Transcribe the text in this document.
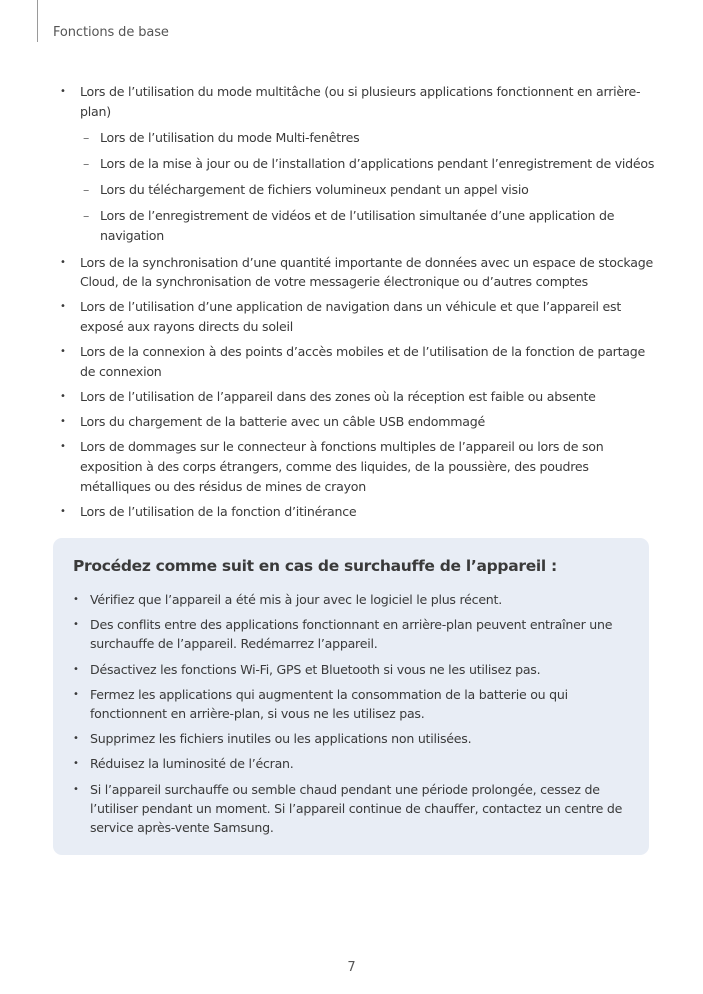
Fonctions de base
• Lors de l’utilisation du mode multitâche (ou si plusieurs applications fonctionnent en arrière-plan)
– Lors de l’utilisation du mode Multi-fenêtres
– Lors de la mise à jour ou de l’installation d’applications pendant l’enregistrement de vidéos
– Lors du téléchargement de fichiers volumineux pendant un appel visio
– Lors de l’enregistrement de vidéos et de l’utilisation simultanée d’une application de navigation
• Lors de la synchronisation d’une quantité importante de données avec un espace de stockage Cloud, de la synchronisation de votre messagerie électronique ou d’autres comptes
• Lors de l’utilisation d’une application de navigation dans un véhicule et que l’appareil est exposé aux rayons directs du soleil
• Lors de la connexion à des points d’accès mobiles et de l’utilisation de la fonction de partage de connexion
• Lors de l’utilisation de l’appareil dans des zones où la réception est faible ou absente
• Lors du chargement de la batterie avec un câble USB endommagé
• Lors de dommages sur le connecteur à fonctions multiples de l’appareil ou lors de son exposition à des corps étrangers, comme des liquides, de la poussière, des poudres métalliques ou des résidus de mines de crayon
• Lors de l’utilisation de la fonction d’itinérance
Procédez comme suit en cas de surchauffe de l’appareil :
• Vérifiez que l’appareil a été mis à jour avec le logiciel le plus récent.
• Des conflits entre des applications fonctionnant en arrière-plan peuvent entraîner une surchauffe de l’appareil. Redémarrez l’appareil.
• Désactivez les fonctions Wi-Fi, GPS et Bluetooth si vous ne les utilisez pas.
• Fermez les applications qui augmentent la consommation de la batterie ou qui fonctionnent en arrière-plan, si vous ne les utilisez pas.
• Supprimez les fichiers inutiles ou les applications non utilisées.
• Réduisez la luminosité de l’écran.
• Si l’appareil surchauffe ou semble chaud pendant une période prolongée, cessez de l’utiliser pendant un moment. Si l’appareil continue de chauffer, contactez un centre de service après-vente Samsung.
7
